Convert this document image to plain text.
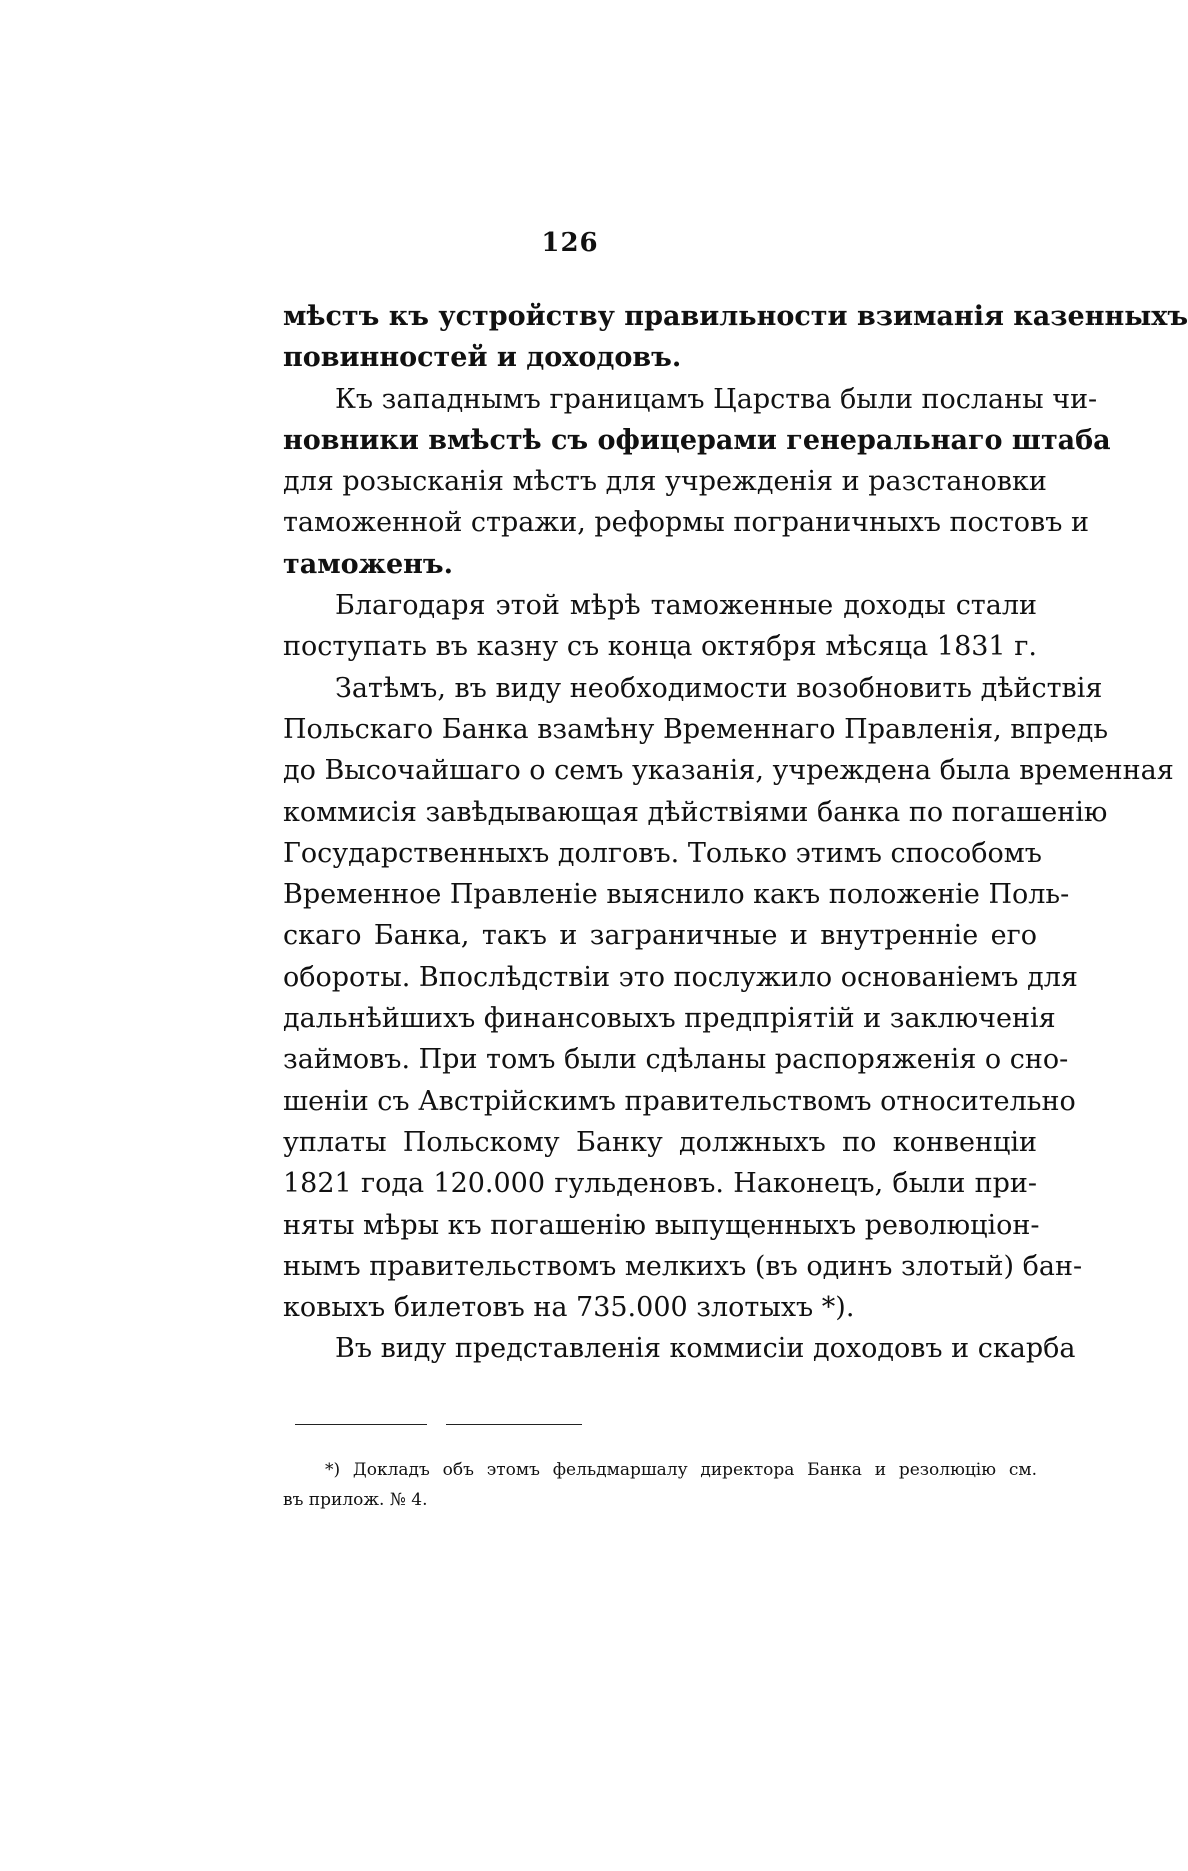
126
мѣстъ къ устройству правильности взиманія казенныхъ
повинностей и доходовъ.
Къ западнымъ границамъ Царства были посланы чи-
новники вмѣстѣ съ офицерами генеральнаго штаба
для розысканія мѣстъ для учрежденія и разстановки
таможенной стражи, реформы пограничныхъ постовъ и
таможенъ.
Благодаря этой мѣрѣ таможенные доходы стали
поступать въ казну съ конца октября мѣсяца 1831 г.
Затѣмъ, въ виду необходимости возобновить дѣйствія
Польскаго Банка взамѣну Временнаго Правленія, впредь
до Высочайшаго о семъ указанія, учреждена была временная
коммисія завѣдывающая дѣйствіями банка по погашенію
Государственныхъ долговъ. Только этимъ способомъ
Временное Правленіе выяснило какъ положеніе Поль-
скаго Банка, такъ и заграничные и внутренніе его
обороты. Впослѣдствіи это послужило основаніемъ для
дальнѣйшихъ финансовыхъ предпріятій и заключенія
займовъ. При томъ были сдѣланы распоряженія о сно-
шеніи съ Австрійскимъ правительствомъ относительно
уплаты Польскому Банку должныхъ по конвенціи
1821 года 120.000 гульденовъ. Наконецъ, были при-
няты мѣры къ погашенію выпущенныхъ революціон-
нымъ правительствомъ мелкихъ (въ одинъ злотый) бан-
ковыхъ билетовъ на 735.000 злотыхъ *).
Въ виду представленія коммисіи доходовъ и скарба
*) Докладъ объ этомъ фельдмаршалу директора Банка и резолюцію см.
въ прилож. № 4.
